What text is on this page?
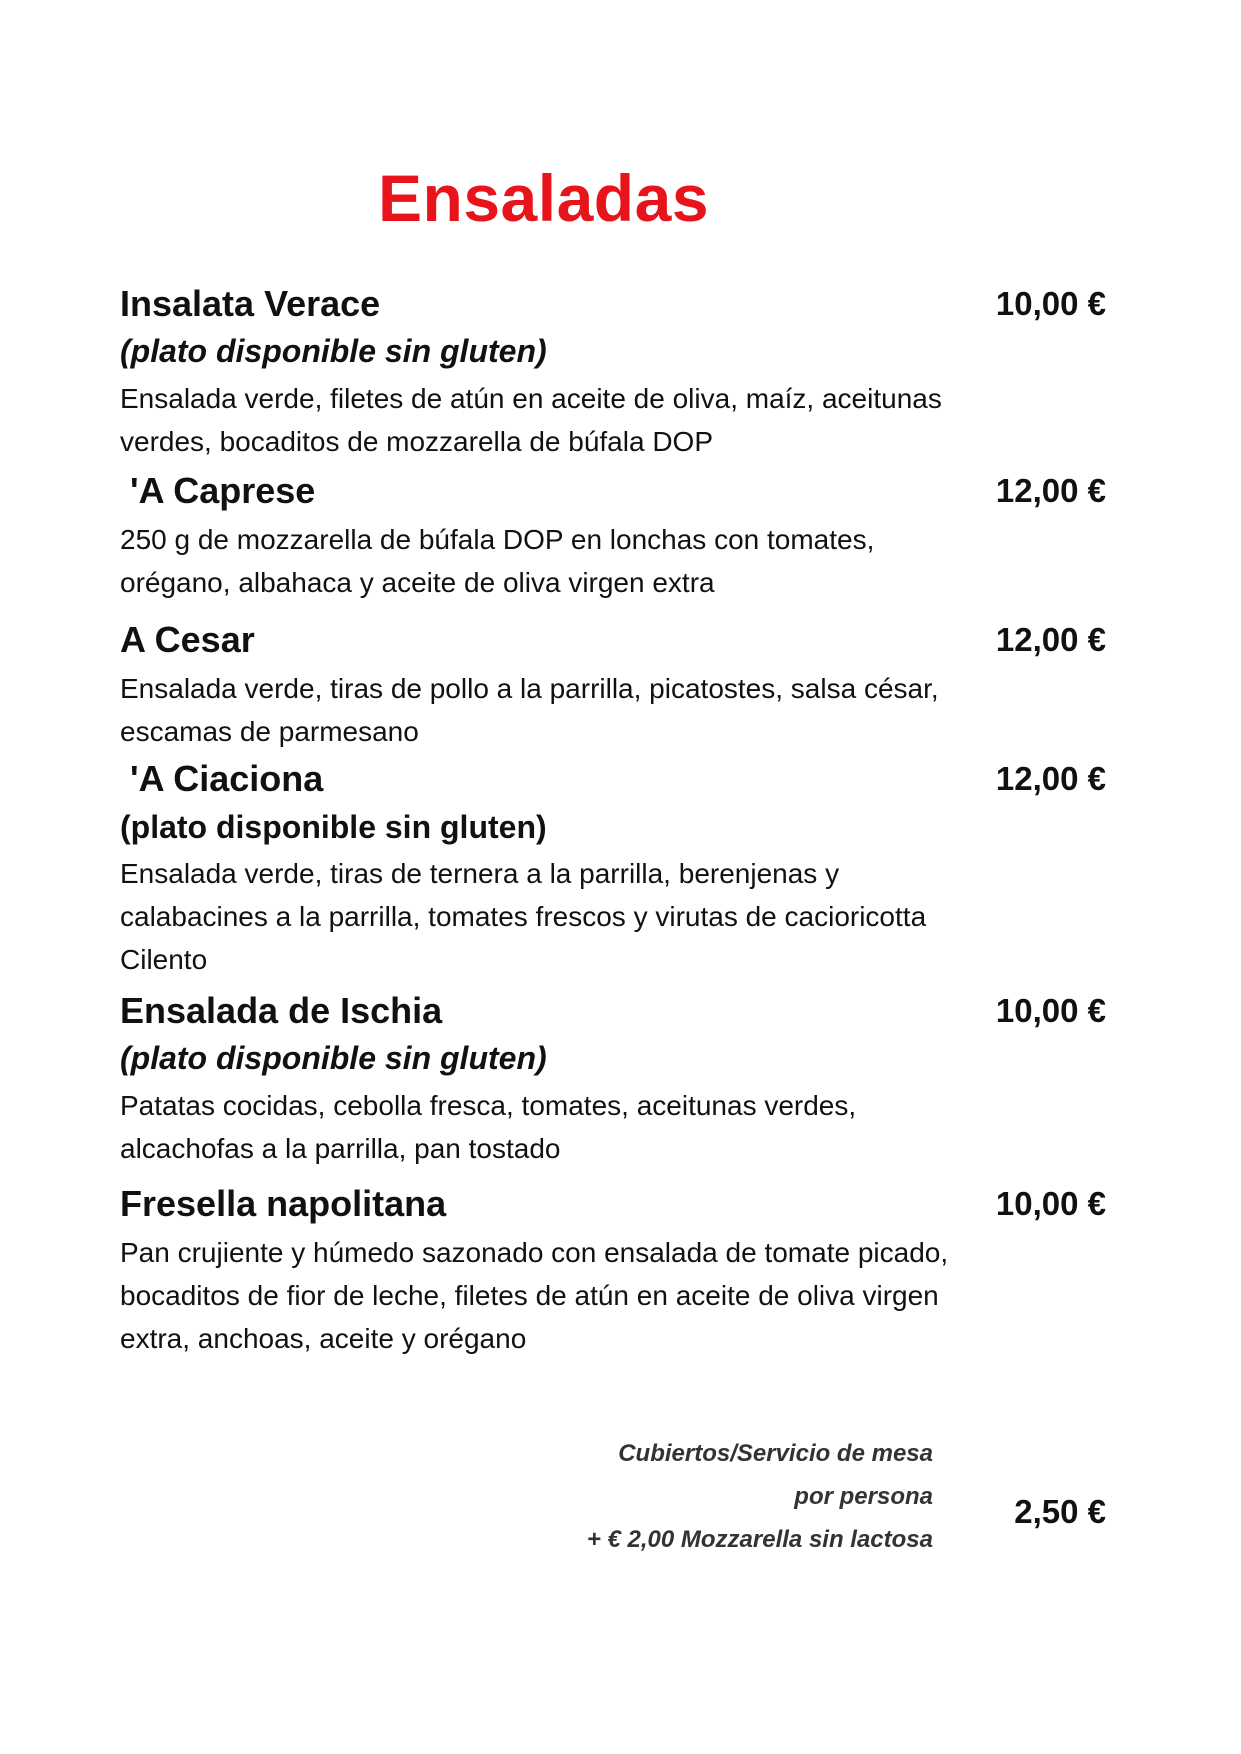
Ensaladas
Insalata Verace	10,00 €
(plato disponible sin gluten)
Ensalada verde, filetes de atún en aceite de oliva, maíz, aceitunas verdes, bocaditos de mozzarella de búfala DOP
'A Caprese	12,00 €
250 g de mozzarella de búfala DOP en lonchas con tomates, orégano, albahaca y aceite de oliva virgen extra
A Cesar	12,00 €
Ensalada verde, tiras de pollo a la parrilla, picatostes, salsa césar, escamas de parmesano
'A Ciaciona	12,00 €
(plato disponible sin gluten)
Ensalada verde, tiras de ternera a la parrilla, berenjenas y calabacines a la parrilla, tomates frescos y virutas de cacioricotta Cilento
Ensalada de Ischia	10,00 €
(plato disponible sin gluten)
Patatas cocidas, cebolla fresca, tomates, aceitunas verdes, alcachofas a la parrilla, pan tostado
Fresella napolitana	10,00 €
Pan crujiente y húmedo sazonado con ensalada de tomate picado, bocaditos de fior de leche, filetes de atún en aceite de oliva virgen extra, anchoas, aceite y orégano
Cubiertos/Servicio de mesa
por persona
+ € 2,00 Mozzarella sin lactosa
2,50 €
